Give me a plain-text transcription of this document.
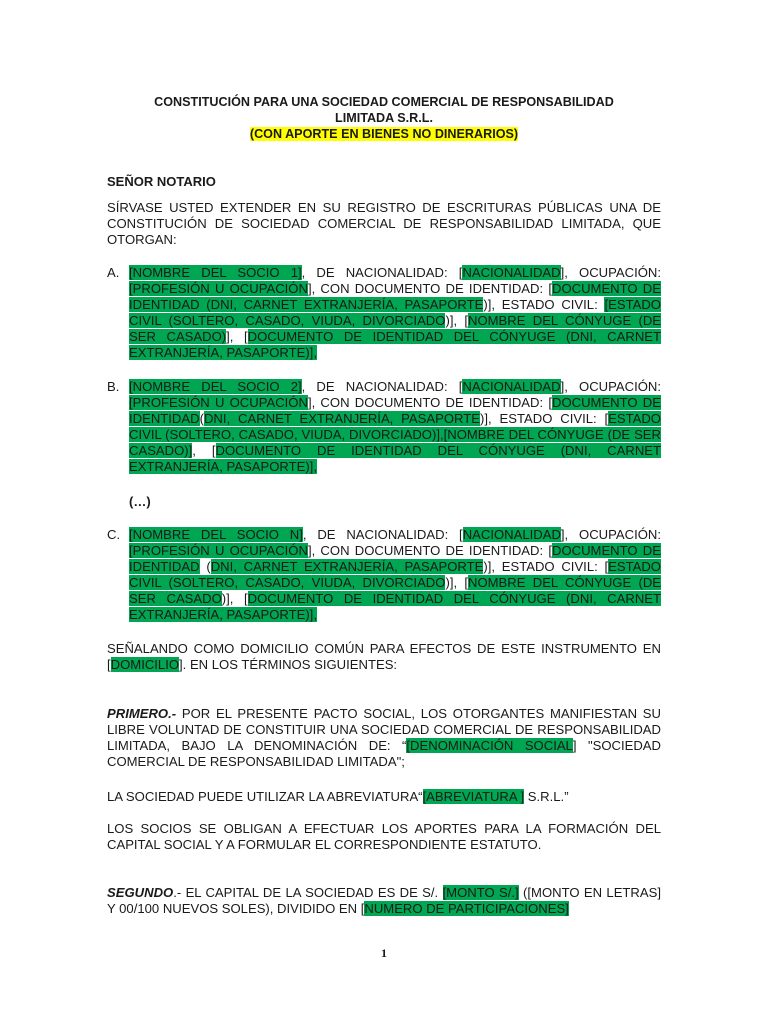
CONSTITUCIÓN PARA UNA SOCIEDAD COMERCIAL DE RESPONSABILIDAD
LIMITADA S.R.L.
(CON APORTE EN BIENES NO DINERARIOS)
SEÑOR NOTARIO
SÍRVASE USTED EXTENDER EN SU REGISTRO DE ESCRITURAS PÚBLICAS UNA DE CONSTITUCIÓN DE SOCIEDAD COMERCIAL DE RESPONSABILIDAD LIMITADA, QUE OTORGAN:
A. [NOMBRE DEL SOCIO 1], DE NACIONALIDAD: [NACIONALIDAD], OCUPACIÓN: [PROFESIÓN U OCUPACIÓN], CON DOCUMENTO DE IDENTIDAD: [DOCUMENTO DE IDENTIDAD (DNI, CARNET EXTRANJERÍA, PASAPORTE)], ESTADO CIVIL: [ESTADO CIVIL (SOLTERO, CASADO, VIUDA, DIVORCIADO)], [NOMBRE DEL CÓNYUGE (DE SER CASADO)], [DOCUMENTO DE IDENTIDAD DEL CÓNYUGE (DNI, CARNET EXTRANJERÍA, PASAPORTE)],
B. [NOMBRE DEL SOCIO 2], DE NACIONALIDAD: [NACIONALIDAD], OCUPACIÓN: [PROFESIÓN U OCUPACIÓN], CON DOCUMENTO DE IDENTIDAD: [DOCUMENTO DE IDENTIDAD(DNI, CARNET EXTRANJERÍA, PASAPORTE)], ESTADO CIVIL: [ESTADO CIVIL (SOLTERO, CASADO, VIUDA, DIVORCIADO)],[NOMBRE DEL CÓNYUGE (DE SER CASADO)], [DOCUMENTO DE IDENTIDAD DEL CÓNYUGE (DNI, CARNET EXTRANJERÍA, PASAPORTE)],
(…)
C. [NOMBRE DEL SOCIO N], DE NACIONALIDAD: [NACIONALIDAD], OCUPACIÓN: [PROFESIÓN U OCUPACIÓN], CON DOCUMENTO DE IDENTIDAD: [DOCUMENTO DE IDENTIDAD (DNI, CARNET EXTRANJERÍA, PASAPORTE)], ESTADO CIVIL: [ESTADO CIVIL (SOLTERO, CASADO, VIUDA, DIVORCIADO)], [NOMBRE DEL CÓNYUGE (DE SER CASADO)], [DOCUMENTO DE IDENTIDAD DEL CÓNYUGE (DNI, CARNET EXTRANJERÍA, PASAPORTE)],
SEÑALANDO COMO DOMICILIO COMÚN PARA EFECTOS DE ESTE INSTRUMENTO EN [DOMICILIO]. EN LOS TÉRMINOS SIGUIENTES:
PRIMERO.- POR EL PRESENTE PACTO SOCIAL, LOS OTORGANTES MANIFIESTAN SU LIBRE VOLUNTAD DE CONSTITUIR UNA SOCIEDAD COMERCIAL DE RESPONSABILIDAD LIMITADA, BAJO LA DENOMINACIÓN DE: “[DENOMINACIÓN SOCIAL] "SOCIEDAD COMERCIAL DE RESPONSABILIDAD LIMITADA";
LA SOCIEDAD PUEDE UTILIZAR LA ABREVIATURA“[ABREVIATURA ] S.R.L.”
LOS SOCIOS SE OBLIGAN A EFECTUAR LOS APORTES PARA LA FORMACIÓN DEL CAPITAL SOCIAL Y A FORMULAR EL CORRESPONDIENTE ESTATUTO.
SEGUNDO.- EL CAPITAL DE LA SOCIEDAD ES DE S/. [MONTO S/.] ([MONTO EN LETRAS] Y 00/100 NUEVOS SOLES), DIVIDIDO EN [NUMERO DE PARTICIPACIONES]
1
